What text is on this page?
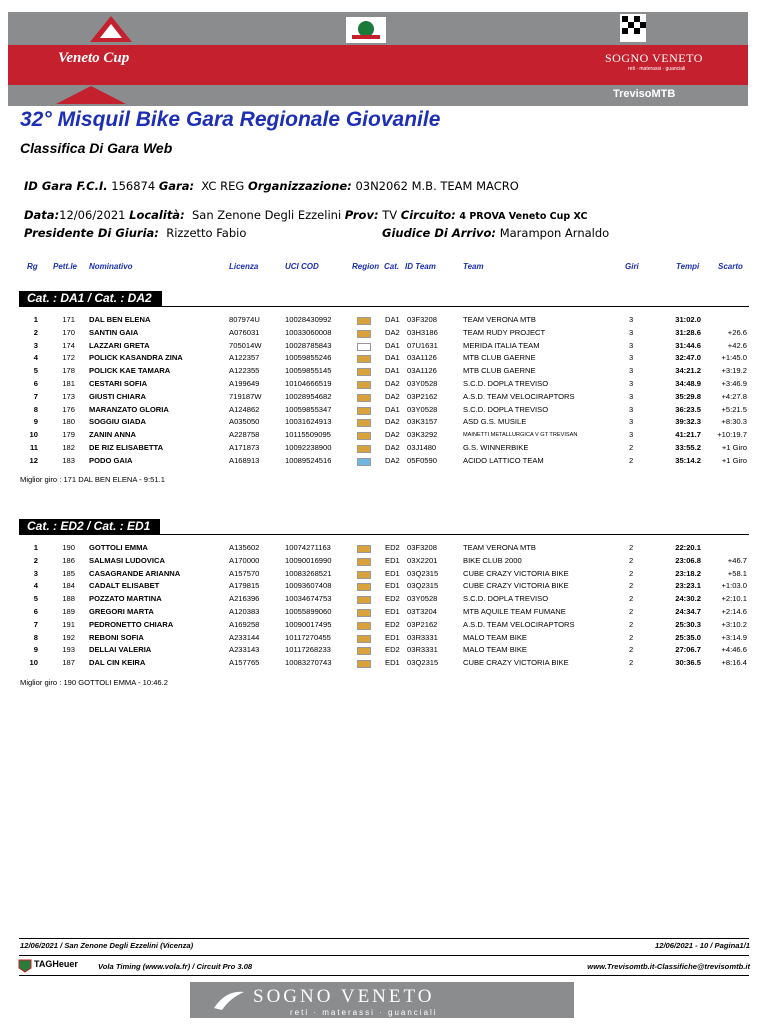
Veneto Cup	SOGNO VENETO
reti · materassi · guanciali
TrevisoMTB
32° Misquil Bike Gara Regionale Giovanile
Classifica Di Gara Web
ID Gara F.C.I. 156874 Gara: XC REG Organizzazione: 03N2062 M.B. TEAM MACRO
Data:12/06/2021 Località: San Zenone Degli Ezzelini Prov: TV Circuito: 4 PROVA Veneto Cup XC
Presidente Di Giuria: Rizzetto Fabio	Giudice Di Arrivo: Marampon Arnaldo
Rg Pett.le Nominativo	Licenza	UCI COD	Region Cat. ID Team	Team	Giri	Tempi Scarto
Cat. : DA1 / Cat. : DA2
1	171 DAL BEN ELENA	807974U	10028430992	DA1 03F3208	TEAM VERONA MTB	3	31:02.0
2	170 SANTIN GAIA	A076031	10033060008	DA2 03H3186	TEAM RUDY PROJECT	3	31:28.6	+26.6
3	174 LAZZARI GRETA	705014W	10028785843	DA1 07U1631	MERIDA ITALIA TEAM	3	31:44.6	+42.6
4	172 POLICK KASANDRA ZINA	A122357	10059855246	DA1 03A1126	MTB CLUB GAERNE	3	32:47.0	+1:45.0
5	178 POLICK KAE TAMARA	A122355	10059855145	DA1 03A1126	MTB CLUB GAERNE	3	34:21.2	+3:19.2
6	181 CESTARI SOFIA	A199649	10104666519	DA2 03Y0528	S.C.D. DOPLA TREVISO	3	34:48.9	+3:46.9
7	173 GIUSTI CHIARA	719187W	10028954682	DA2 03P2162	A.S.D. TEAM VELOCIRAPTORS	3	35:29.8	+4:27.8
8	176 MARANZATO GLORIA	A124862	10059855347	DA1 03Y0528	S.C.D. DOPLA TREVISO	3	36:23.5	+5:21.5
9	180 SOGGIU GIADA	A035050	10031624913	DA2 03K3157	ASD G.S. MUSILE	3	39:32.3	+8:30.3
10	179 ZANIN ANNA	A228758	10115509095	DA2 03K3292	MAINETTI METALLURGICA V GT TREVISAN	3	41:21.7	+10:19.7
11	182 DE RIZ ELISABETTA	A171873	10092238900	DA2 03J1480	G.S. WINNERBIKE	2	33:55.2	+1 Giro
12	183 PODO GAIA	A168913	10089524516	DA2 05F0590	ACIDO LATTICO TEAM	2	35:14.2	+1 Giro
Miglior giro : 171 DAL BEN ELENA - 9:51.1
Cat. : ED2 / Cat. : ED1
1	190 GOTTOLI EMMA	A135602	10074271163	ED2 03F3208	TEAM VERONA MTB	2	22:20.1
2	186 SALMASI LUDOVICA	A170000	10090016990	ED1 03X2201	BIKE CLUB 2000	2	23:06.8	+46.7
3	185 CASAGRANDE ARIANNA	A157570	10083268521	ED1 03Q2315	CUBE CRAZY VICTORIA BIKE	2	23:18.2	+58.1
4	184 CADALT ELISABET	A179815	10093607408	ED1 03Q2315	CUBE CRAZY VICTORIA BIKE	2	23:23.1	+1:03.0
5	188 POZZATO MARTINA	A216396	10034674753	ED2 03Y0528	S.C.D. DOPLA TREVISO	2	24:30.2	+2:10.1
6	189 GREGORI MARTA	A120383	10055899060	ED1 03T3204	MTB AQUILE TEAM FUMANE	2	24:34.7	+2:14.6
7	191 PEDRONETTO CHIARA	A169258	10090017495	ED2 03P2162	A.S.D. TEAM VELOCIRAPTORS	2	25:30.3	+3:10.2
8	192 REBONI SOFIA	A233144	10117270455	ED1 03R3331	MALO TEAM BIKE	2	25:35.0	+3:14.9
9	193 DELLAI VALERIA	A233143	10117268233	ED2 03R3331	MALO TEAM BIKE	2	27:06.7	+4:46.6
10	187 DAL CIN KEIRA	A157765	10083270743	ED1 03Q2315	CUBE CRAZY VICTORIA BIKE	2	30:36.5	+8:16.4
Miglior giro : 190 GOTTOLI EMMA - 10:46.2
12/06/2021 / San Zenone Degli Ezzelini (Vicenza)	12/06/2021 - 10 / Pagina1/1
TAGHeuer	Vola Timing (www.vola.fr) / Circuit Pro 3.08	www.Trevisomtb.it-Classifiche@trevisomtb.it
SOGNO VENETO
reti · materassi · guanciali
